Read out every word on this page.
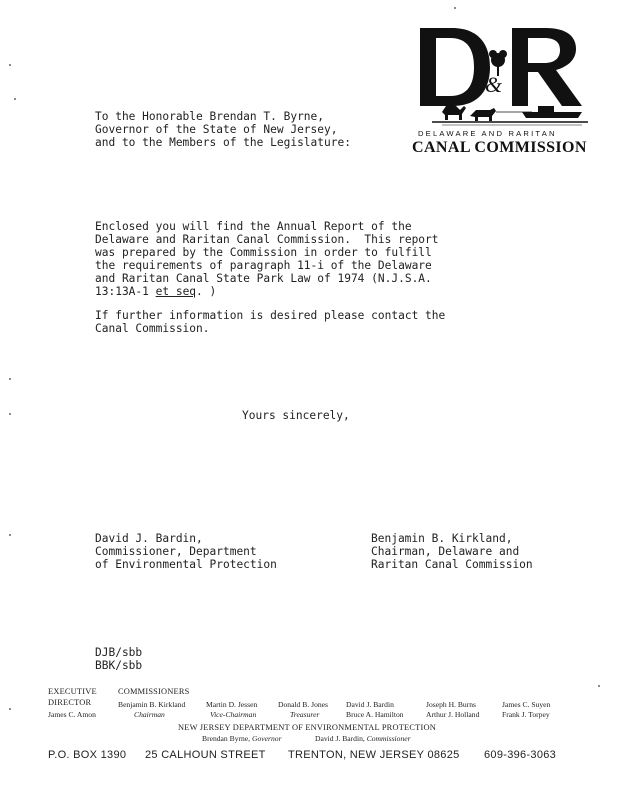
&
DELAWARE AND RARITAN
CANAL COMMISSION
To the Honorable Brendan T. Byrne,
Governor of the State of New Jersey,
and to the Members of the Legislature:
Enclosed you will find the Annual Report of the
Delaware and Raritan Canal Commission.  This report
was prepared by the Commission in order to fulfill
the requirements of paragraph 11-i of the Delaware
and Raritan Canal State Park Law of 1974 (N.J.S.A.
13:13A-1 et seq. )
If further information is desired please contact the
Canal Commission.
Yours sincerely,
David J. Bardin,
Commissioner, Department
of Environmental Protection
Benjamin B. Kirkland,
Chairman, Delaware and
Raritan Canal Commission
DJB/sbb
BBK/sbb
EXECUTIVE
DIRECTOR
James C. Amon
COMMISSIONERS
Benjamin B. Kirkland
Chairman
Martin D. Jessen
Vice-Chairman
Donald B. Jones
Treasurer
David J. Bardin
Bruce A. Hamilton
Joseph H. Burns
Arthur J. Holland
James C. Suyen
Frank J. Torpey
NEW JERSEY DEPARTMENT OF ENVIRONMENTAL PROTECTION
Brendan Byrne, Governor	David J. Bardin, Commissioner
P.O. BOX 1390 25 CALHOUN STREET TRENTON, NEW JERSEY 08625 609-396-3063
